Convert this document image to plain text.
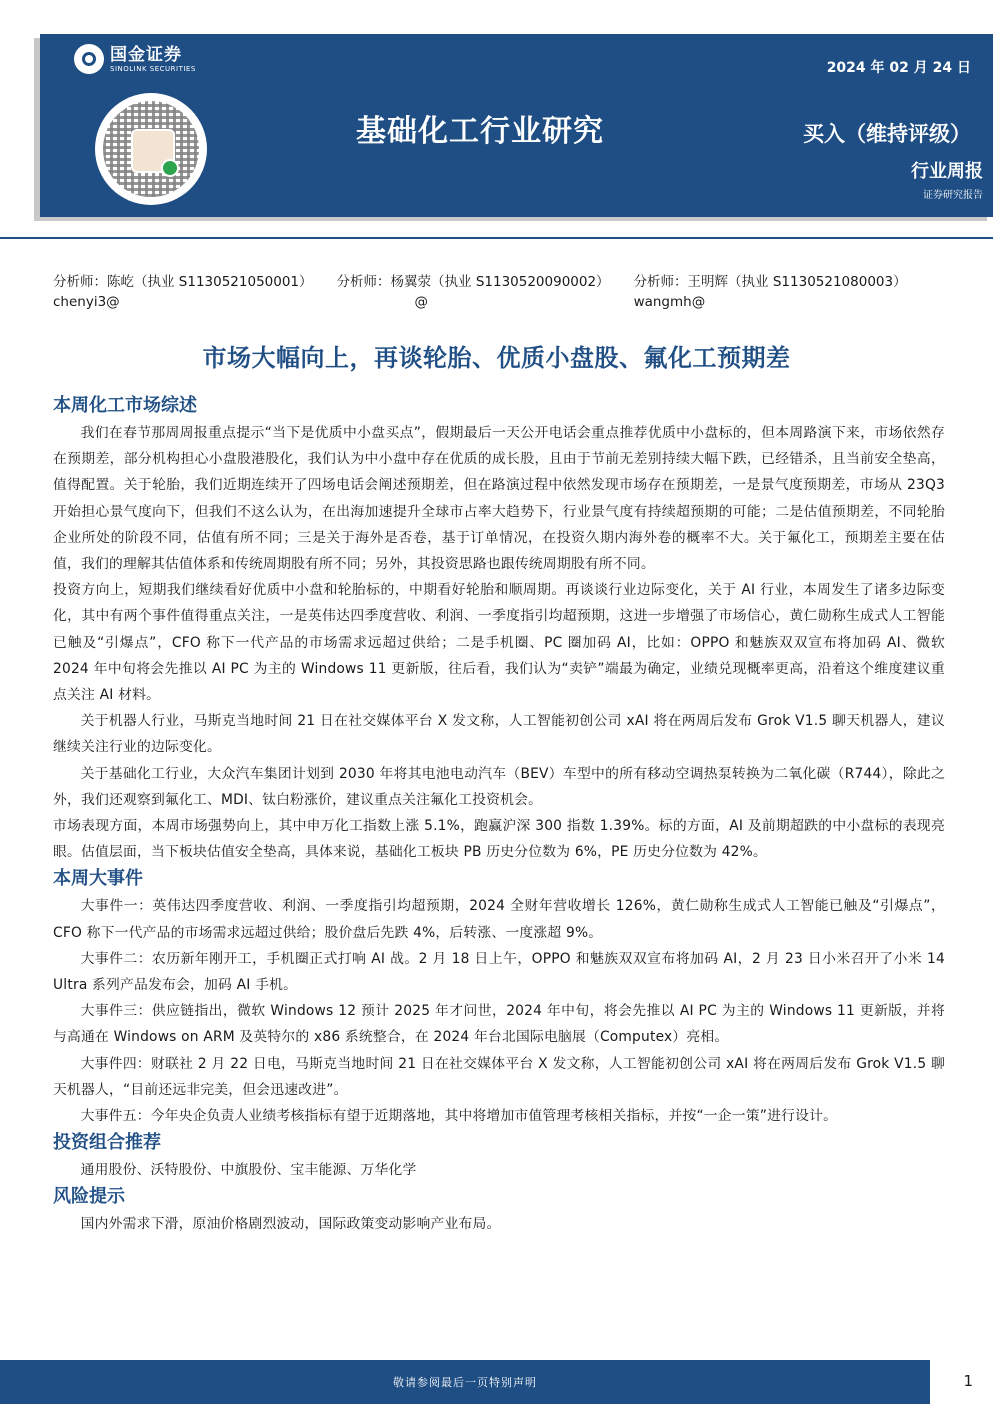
国金证券
SINOLINK SECURITIES	2024 年 02 月 24 日
基础化工行业研究	买入（维持评级）
行业周报
证券研究报告
分析师：陈屹（执业 S1130521050001）
chenyi3@
分析师：杨翼荥（执业 S1130520090002）
@
分析师：王明辉（执业 S1130521080003）
wangmh@
市场大幅向上，再谈轮胎、优质小盘股、氟化工预期差
本周化工市场综述

我们在春节那周周报重点提示“当下是优质中小盘买点”，假期最后一天公开电话会重点推荐优质中小盘标的，但本周路演下来，市场依然存在预期差，部分机构担心小盘股港股化，我们认为中小盘中存在优质的成长股，且由于节前无差别持续大幅下跌，已经错杀，且当前安全垫高，值得配置。关于轮胎，我们近期连续开了四场电话会阐述预期差，但在路演过程中依然发现市场存在预期差，一是景气度预期差，市场从 23Q3 开始担心景气度向下，但我们不这么认为，在出海加速提升全球市占率大趋势下，行业景气度有持续超预期的可能；二是估值预期差，不同轮胎企业所处的阶段不同，估值有所不同；三是关于海外是否卷，基于订单情况，在投资久期内海外卷的概率不大。关于氟化工，预期差主要在估值，我们的理解其估值体系和传统周期股有所不同；另外，其投资思路也跟传统周期股有所不同。

投资方向上，短期我们继续看好优质中小盘和轮胎标的，中期看好轮胎和顺周期。再谈谈行业边际变化，关于 AI 行业，本周发生了诸多边际变化，其中有两个事件值得重点关注，一是英伟达四季度营收、利润、一季度指引均超预期，这进一步增强了市场信心，黄仁勋称生成式人工智能已触及“引爆点”，CFO 称下一代产品的市场需求远超过供给；二是手机圈、PC 圈加码 AI，比如：OPPO 和魅族双双宣布将加码 AI、微软 2024 年中旬将会先推以 AI PC 为主的 Windows 11 更新版，往后看，我们认为“卖铲”端最为确定，业绩兑现概率更高，沿着这个维度建议重点关注 AI 材料。

关于机器人行业，马斯克当地时间 21 日在社交媒体平台 X 发文称，人工智能初创公司 xAI 将在两周后发布 Grok V1.5 聊天机器人，建议继续关注行业的边际变化。

关于基础化工行业，大众汽车集团计划到 2030 年将其电池电动汽车（BEV）车型中的所有移动空调热泵转换为二氧化碳（R744），除此之外，我们还观察到氟化工、MDI、钛白粉涨价，建议重点关注氟化工投资机会。

市场表现方面，本周市场强势向上，其中申万化工指数上涨 5.1%，跑赢沪深 300 指数 1.39%。标的方面，AI 及前期超跌的中小盘标的表现亮眼。估值层面，当下板块估值安全垫高，具体来说，基础化工板块 PB 历史分位数为 6%，PE 历史分位数为 42%。

本周大事件

大事件一：英伟达四季度营收、利润、一季度指引均超预期，2024 全财年营收增长 126%，黄仁勋称生成式人工智能已触及“引爆点”，CFO 称下一代产品的市场需求远超过供给；股价盘后先跌 4%，后转涨、一度涨超 9%。

大事件二：农历新年刚开工，手机圈正式打响 AI 战。2 月 18 日上午，OPPO 和魅族双双宣布将加码 AI，2 月 23 日小米召开了小米 14 Ultra 系列产品发布会，加码 AI 手机。

大事件三：供应链指出，微软 Windows 12 预计 2025 年才问世，2024 年中旬，将会先推以 AI PC 为主的 Windows 11 更新版，并将与高通在 Windows on ARM 及英特尔的 x86 系统整合，在 2024 年台北国际电脑展（Computex）亮相。

大事件四：财联社 2 月 22 日电，马斯克当地时间 21 日在社交媒体平台 X 发文称，人工智能初创公司 xAI 将在两周后发布 Grok V1.5 聊天机器人，“目前还远非完美，但会迅速改进”。

大事件五：今年央企负责人业绩考核指标有望于近期落地，其中将增加市值管理考核相关指标，并按“一企一策”进行设计。

投资组合推荐

通用股份、沃特股份、中旗股份、宝丰能源、万华化学

风险提示

国内外需求下滑，原油价格剧烈波动，国际政策变动影响产业布局。

敬请参阅最后一页特别声明	1
